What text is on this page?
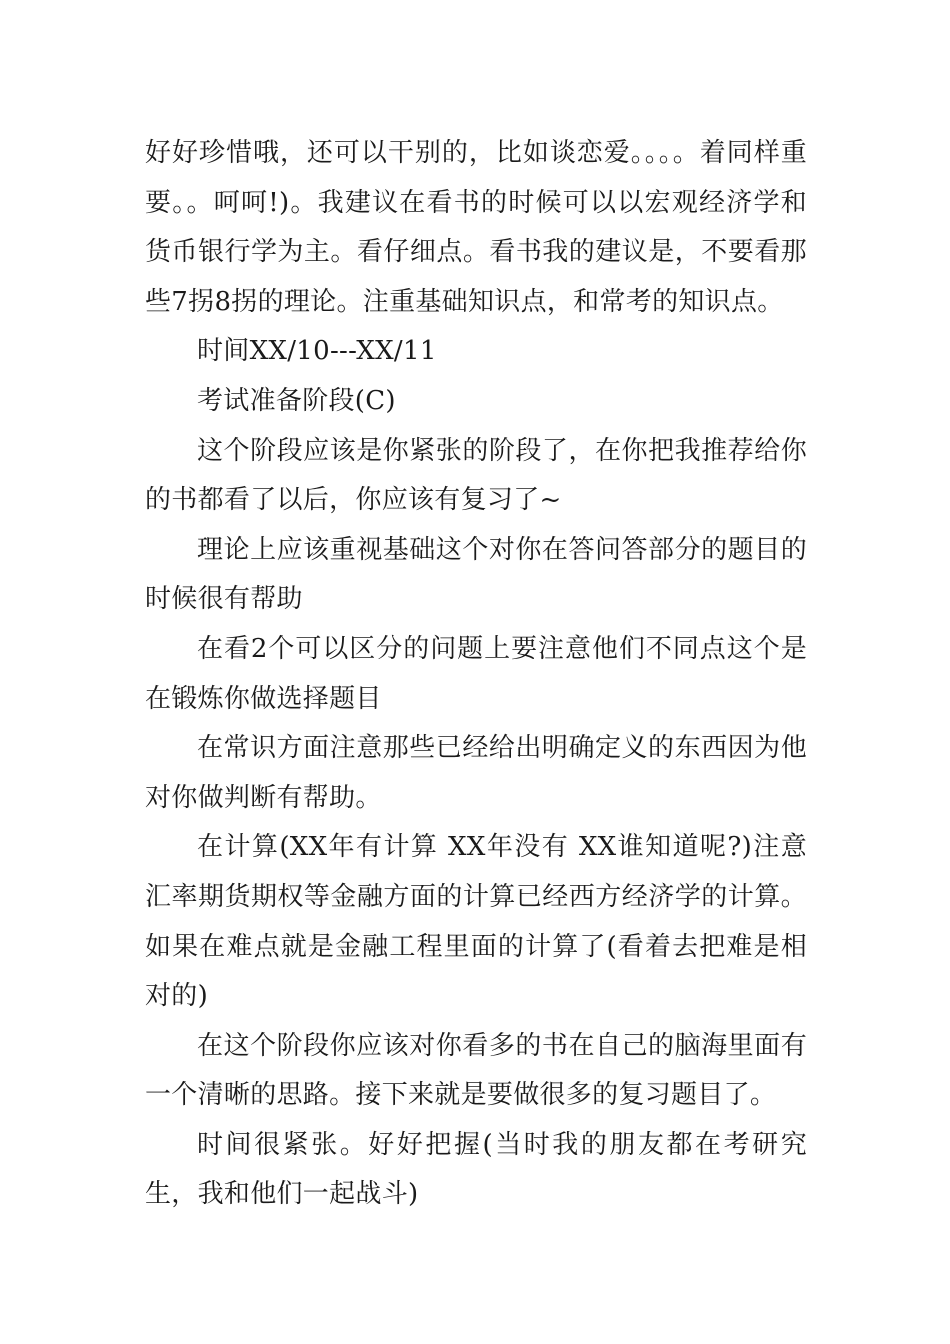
好好珍惜哦，还可以干别的，比如谈恋爱。。。。着同样重要。。呵呵!)。我建议在看书的时候可以以宏观经济学和货币银行学为主。看仔细点。看书我的建议是，不要看那些7拐8拐的理论。注重基础知识点，和常考的知识点。

时间XX/10---XX/11

考试准备阶段(C)

这个阶段应该是你紧张的阶段了，在你把我推荐给你的书都看了以后，你应该有复习了~

理论上应该重视基础这个对你在答问答部分的题目的时候很有帮助

在看2个可以区分的问题上要注意他们不同点这个是在锻炼你做选择题目

在常识方面注意那些已经给出明确定义的东西因为他对你做判断有帮助。

在计算(XX年有计算 XX年没有 XX谁知道呢?)注意汇率期货期权等金融方面的计算已经西方经济学的计算。如果在难点就是金融工程里面的计算了(看着去把难是相对的)

在这个阶段你应该对你看多的书在自己的脑海里面有一个清晰的思路。接下来就是要做很多的复习题目了。

时间很紧张。好好把握(当时我的朋友都在考研究生，我和他们一起战斗)
